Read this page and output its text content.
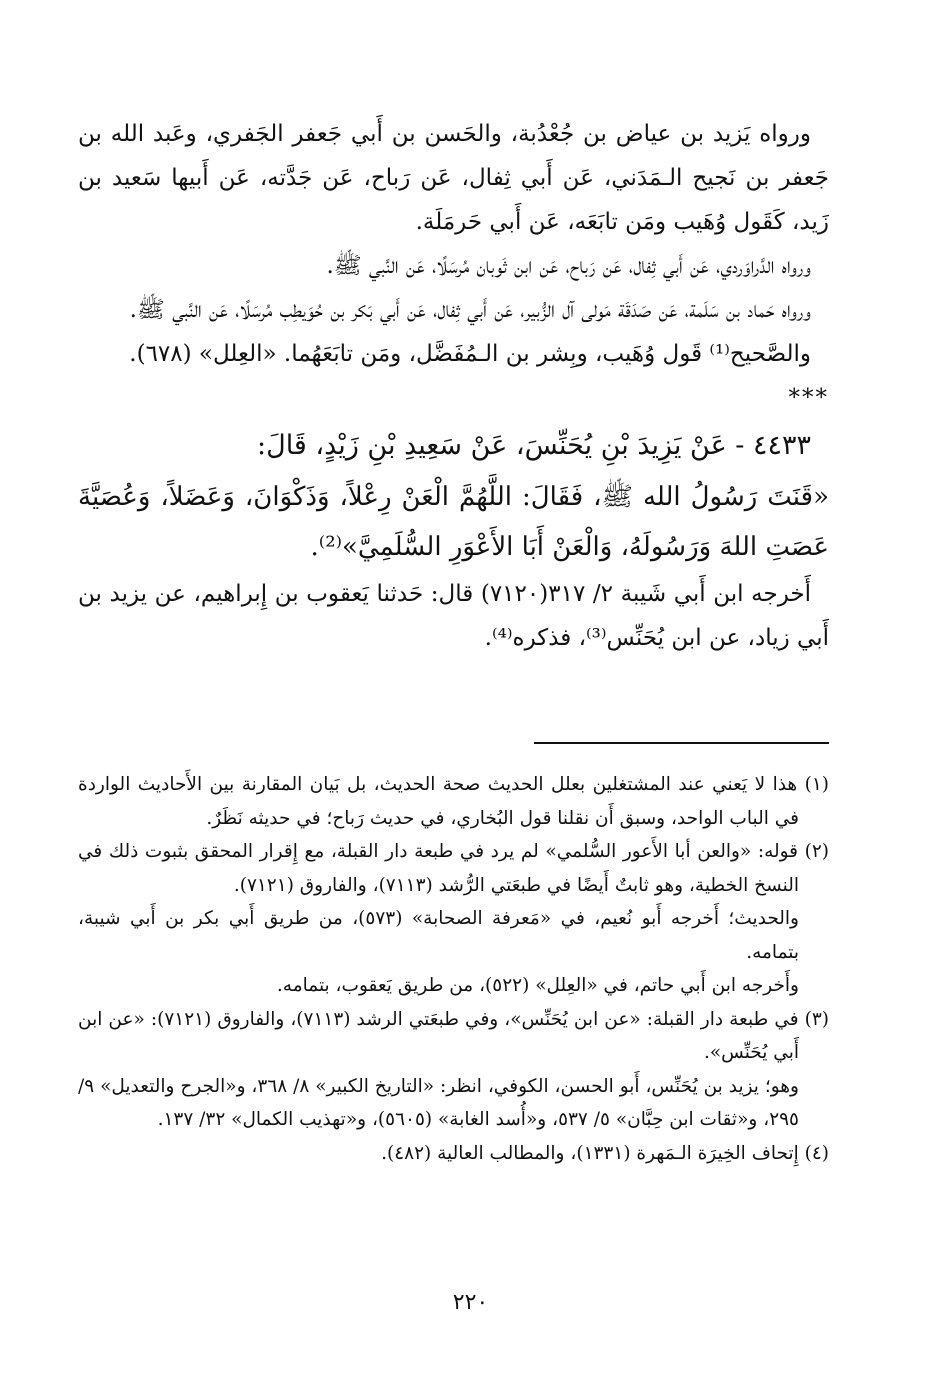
ورواه يَزيد بن عياض بن جُعْدُبة، والحَسن بن أَبي جَعفر الجَفري، وعَبد الله بن جَعفر بن نَجيح الـمَدَني، عَن أَبي ثِفال، عَن رَباح، عَن جَدَّته، عَن أَبيها سَعيد بن زَيد، كَقَول وُهَيب ومَن تابَعَه، عَن أَبي حَرمَلَة.

ورواه الدَّراوَردي، عَن أَبي ثِفال، عَن رَباح، عَن ابن ثَوبان مُرسَلًا، عَن النَّبي ﷺ.

ورواه حَماد بن سَلَمة، عَن صَدَقَة مَولى آل الزُّبير، عَن أَبي ثِفال، عَن أَبي بَكر بن حُوَيطِب مُرسَلًا، عَن النَّبي ﷺ.

والصَّحيح⁽¹⁾ قَول وُهَيب، وبِشر بن الـمُفَضَّل، ومَن تابَعَهُما. «العِلل» (٦٧٨).

***

٤٤٣٣ - عَنْ يَزِيدَ بْنِ يُحَنِّسَ، عَنْ سَعِيدِ بْنِ زَيْدٍ، قَالَ:

«قَنَتَ رَسُولُ الله ﷺ، فَقَالَ: اللَّهُمَّ الْعَنْ رِعْلاً، وَذَكْوَانَ، وَعَضَلاً، وَعُصَيَّةَ عَصَتِ اللهَ وَرَسُولَهُ، وَالْعَنْ أَبَا الأَعْوَرِ السُّلَمِيَّ»⁽²⁾.

أَخرجه ابن أَبي شَيبة ٢/ ٣١٧(٧١٢٠) قال: حَدثنا يَعقوب بن إِبراهيم، عن يزيد بن أَبي زياد، عن ابن يُحَنِّس⁽³⁾، فذكره⁽⁴⁾.

(١) هذا لا يَعني عند المشتغلين بعلل الحديث صحة الحديث، بل بَيان المقارنة بين الأَحاديث الواردة في الباب الواحد، وسبق أَن نقلنا قول البُخاري، في حديث رَباح؛ في حديثه نَظَرٌ.

(٢) قوله: «والعن أبا الأَعور السُّلمي» لم يرد في طبعة دار القبلة، مع إِقرار المحقق بثبوت ذلك في النسخ الخطية، وهو ثابتٌ أَيضًا في طبعَتي الرُّشد (٧١١٣)، والفاروق (٧١٢١).

والحديث؛ أَخرجه أَبو نُعيم، في «مَعرفة الصحابة» (٥٧٣)، من طريق أَبي بكر بن أَبي شيبة، بتمامه.

وأَخرجه ابن أَبي حاتم، في «العِلل» (٥٢٢)، من طريق يَعقوب، بتمامه.

(٣) في طبعة دار القبلة: «عن ابن يُحَنِّس»، وفي طبعَتي الرشد (٧١١٣)، والفاروق (٧١٢١): «عن ابن أَبي يُحَنِّس».

وهو؛ يزيد بن يُحَنِّس، أَبو الحسن، الكوفي، انظر: «التاريخ الكبير» ٨/ ٣٦٨، و«الجرح والتعديل» ٩/ ٢٩٥، و«ثقات ابن حِبَّان» ٥/ ٥٣٧، و«أُسد الغابة» (٥٦٠٥)، و«تهذيب الكمال» ٣٢/ ١٣٧.

(٤) إِتحاف الخِيرَة الـمَهرة (١٣٣١)، والمطالب العالية (٤٨٢).

٢٢٠
